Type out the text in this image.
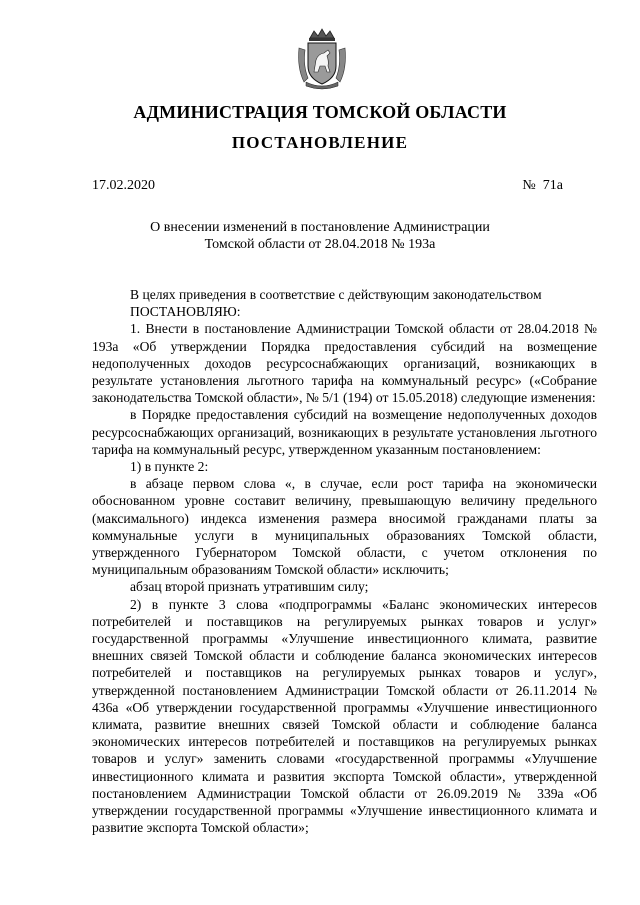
АДМИНИСТРАЦИЯ ТОМСКОЙ ОБЛАСТИ
ПОСТАНОВЛЕНИЕ
17.02.2020	№  71а
О внесении изменений в постановление Администрации
Томской области от 28.04.2018 № 193а

В целях приведения в соответствие с действующим законодательством

ПОСТАНОВЛЯЮ:

1. Внести в постановление Администрации Томской области от 28.04.2018 № 193а «Об утверждении Порядка предоставления субсидий на возмещение недополученных доходов ресурсоснабжающих организаций, возникающих в результате установления льготного тарифа на коммунальный ресурс» («Собрание законодательства Томской области», № 5/1 (194) от 15.05.2018) следующие изменения:

в Порядке предоставления субсидий на возмещение недополученных доходов ресурсоснабжающих организаций, возникающих в результате установления льготного тарифа на коммунальный ресурс, утвержденном указанным постановлением:

1) в пункте 2:

в абзаце первом слова «, в случае, если рост тарифа на экономически обоснованном уровне составит величину, превышающую величину предельного (максимального) индекса изменения размера вносимой гражданами платы за коммунальные услуги в муниципальных образованиях Томской области, утвержденного Губернатором Томской области, с учетом отклонения по муниципальным образованиям Томской области» исключить;

абзац второй признать утратившим силу;

2) в пункте 3 слова «подпрограммы «Баланс экономических интересов потребителей и поставщиков на регулируемых рынках товаров и услуг» государственной программы «Улучшение инвестиционного климата, развитие внешних связей Томской области и соблюдение баланса экономических интересов потребителей и поставщиков на регулируемых рынках товаров и услуг», утвержденной постановлением Администрации Томской области от 26.11.2014 № 436а «Об утверждении государственной программы «Улучшение инвестиционного климата, развитие внешних связей Томской области и соблюдение баланса экономических интересов потребителей и поставщиков на регулируемых рынках товаров и услуг» заменить словами «государственной программы «Улучшение инвестиционного климата и развития экспорта Томской области», утвержденной постановлением Администрации Томской области от 26.09.2019 № 339а «Об утверждении государственной программы «Улучшение инвестиционного климата и развитие экспорта Томской области»;
